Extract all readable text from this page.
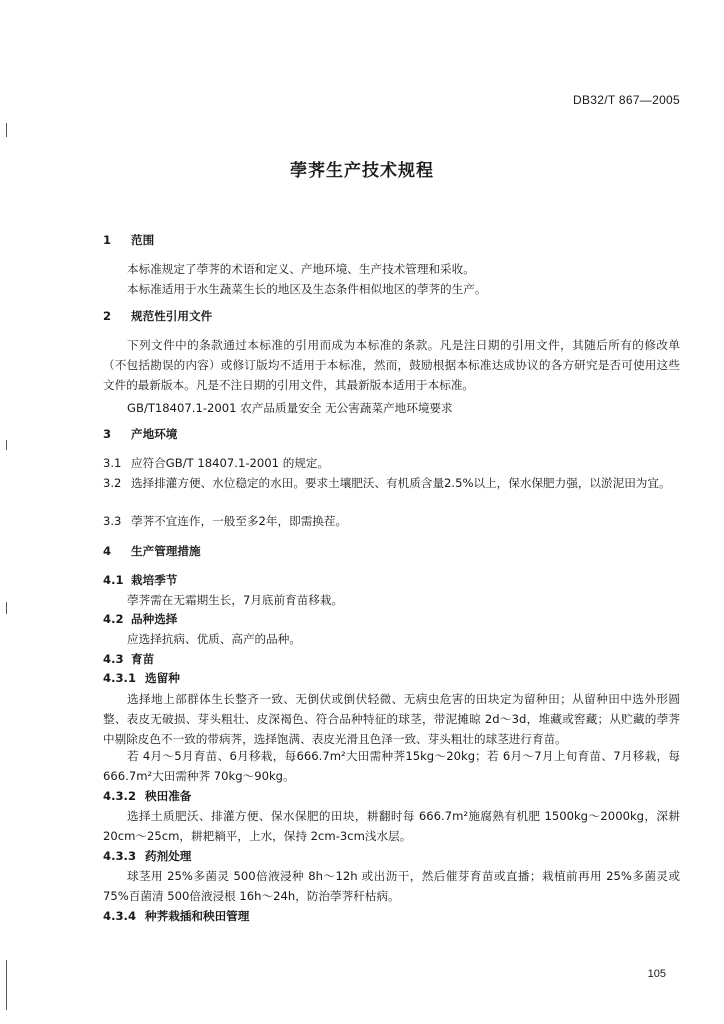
DB32/T 867—2005
荸荠生产技术规程
1 范围
本标准规定了荸荠的术语和定义、产地环境、生产技术管理和采收。
本标准适用于水生蔬菜生长的地区及生态条件相似地区的荸荠的生产。
2 规范性引用文件
下列文件中的条款通过本标准的引用而成为本标准的条款。凡是注日期的引用文件，其随后所有的修改单（不包括勘误的内容）或修订版均不适用于本标准，然而，鼓励根据本标准达成协议的各方研究是否可使用这些文件的最新版本。凡是不注日期的引用文件，其最新版本适用于本标准。
GB/T18407.1-2001 农产品质量安全 无公害蔬菜产地环境要求
3 产地环境
3.1 应符合GB/T 18407.1-2001 的规定。
3.2 选择排灌方便、水位稳定的水田。要求土壤肥沃、有机质含量2.5%以上，保水保肥力强，以淤泥田为宜。
3.3 荸荠不宜连作，一般至多2年，即需换茬。
4 生产管理措施
4.1 栽培季节
荸荠需在无霜期生长，7月底前育苗移栽。
4.2 品种选择
应选择抗病、优质、高产的品种。
4.3 育苗
4.3.1 选留种
选择地上部群体生长整齐一致、无倒伏或倒伏轻微、无病虫危害的田块定为留种田；从留种田中选外形圆整、表皮无破损、芽头粗壮、皮深褐色、符合品种特征的球茎，带泥摊晾 2d～3d，堆藏或窖藏；从贮藏的荸荠中剔除皮色不一致的带病荠，选择饱满、表皮光滑且色泽一致、芽头粗壮的球茎进行育苗。
若 4月～5月育苗、6月移栽，每666.7m²大田需种荠15kg～20kg；若 6月～7月上旬育苗、7月移栽，每666.7m²大田需种荠 70kg～90kg。
4.3.2 秧田准备
选择土质肥沃、排灌方便、保水保肥的田块，耕翻时每 666.7m²施腐熟有机肥 1500kg～2000kg，深耕 20cm～25cm，耕耙耥平，上水，保持 2cm-3cm浅水层。
4.3.3 药剂处理
球茎用 25%多菌灵 500倍液浸种 8h～12h 或出沥干，然后催芽育苗或直播；栽植前再用 25%多菌灵或 75%百菌清 500倍液浸根 16h～24h，防治荸荠秆枯病。
4.3.4 种荠栽插和秧田管理
105
